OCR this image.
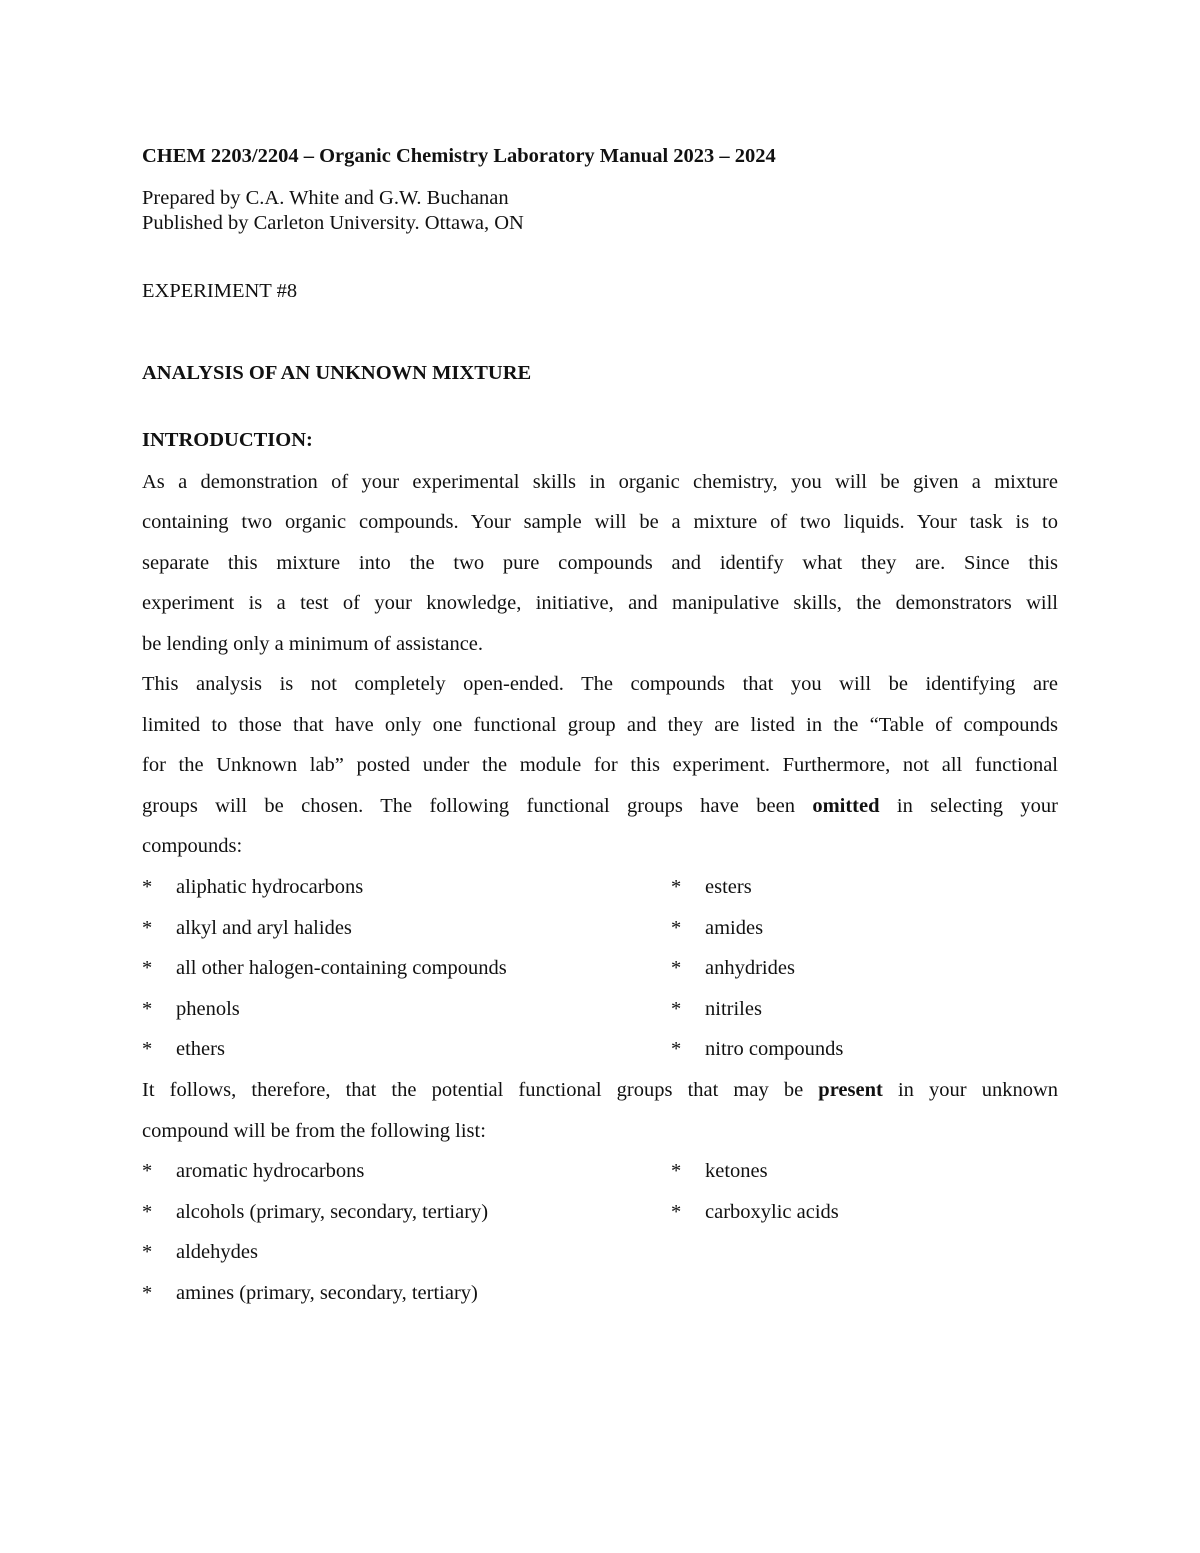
CHEM 2203/2204 – Organic Chemistry Laboratory Manual 2023 – 2024
Prepared by C.A. White and G.W. Buchanan
Published by Carleton University. Ottawa, ON
EXPERIMENT #8
ANALYSIS OF AN UNKNOWN MIXTURE
INTRODUCTION:
As a demonstration of your experimental skills in organic chemistry, you will be given a mixture
containing two organic compounds. Your sample will be a mixture of two liquids. Your task is to
separate this mixture into the two pure compounds and identify what they are. Since this
experiment is a test of your knowledge, initiative, and manipulative skills, the demonstrators will
be lending only a minimum of assistance.
This analysis is not completely open-ended. The compounds that you will be identifying are
limited to those that have only one functional group and they are listed in the “Table of compounds
for the Unknown lab” posted under the module for this experiment. Furthermore, not all functional
groups will be chosen. The following functional groups have been omitted in selecting your
compounds:
*	aliphatic hydrocarbons
*	alkyl and aryl halides
*	all other halogen-containing compounds
*	phenols
*	ethers
*	esters
*	amides
*	anhydrides
*	nitriles
*	nitro compounds
It follows, therefore, that the potential functional groups that may be present in your unknown
compound will be from the following list:
*	aromatic hydrocarbons
*	alcohols (primary, secondary, tertiary)
*	aldehydes
*	amines (primary, secondary, tertiary)
*	ketones
*	carboxylic acids
